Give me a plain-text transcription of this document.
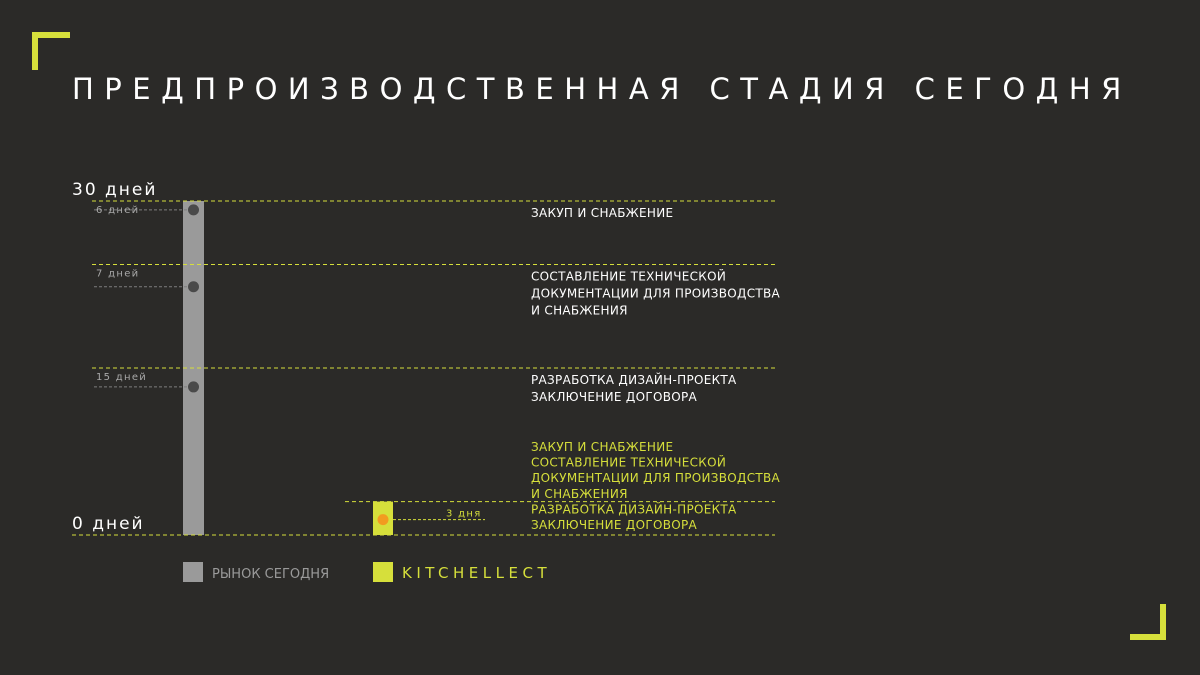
ПРЕДПРОИЗВОДСТВЕННАЯ СТАДИЯ СЕГОДНЯ
6 дней	ЗАКУП И СНАБЖЕНИЕ
7 дней	СОСТАВЛЕНИЕ ТЕХНИЧЕСКОЙ
ДОКУМЕНТАЦИИ ДЛЯ ПРОИЗВОДСТВА
И СНАБЖЕНИЯ
15 дней	РАЗРАБОТКА ДИЗАЙН-ПРОЕКТА
ЗАКЛЮЧЕНИЕ ДОГОВОРА
3 дня
ЗАКУП И СНАБЖЕНИЕ
СОСТАВЛЕНИЕ ТЕХНИЧЕСКОЙ
ДОКУМЕНТАЦИИ ДЛЯ ПРОИЗВОДСТВА
И СНАБЖЕНИЯ
РАЗРАБОТКА ДИЗАЙН-ПРОЕКТА
ЗАКЛЮЧЕНИЕ ДОГОВОРА
30 дней
0 дней
РЫНОК СЕГОДНЯ	KITCHELLECT
